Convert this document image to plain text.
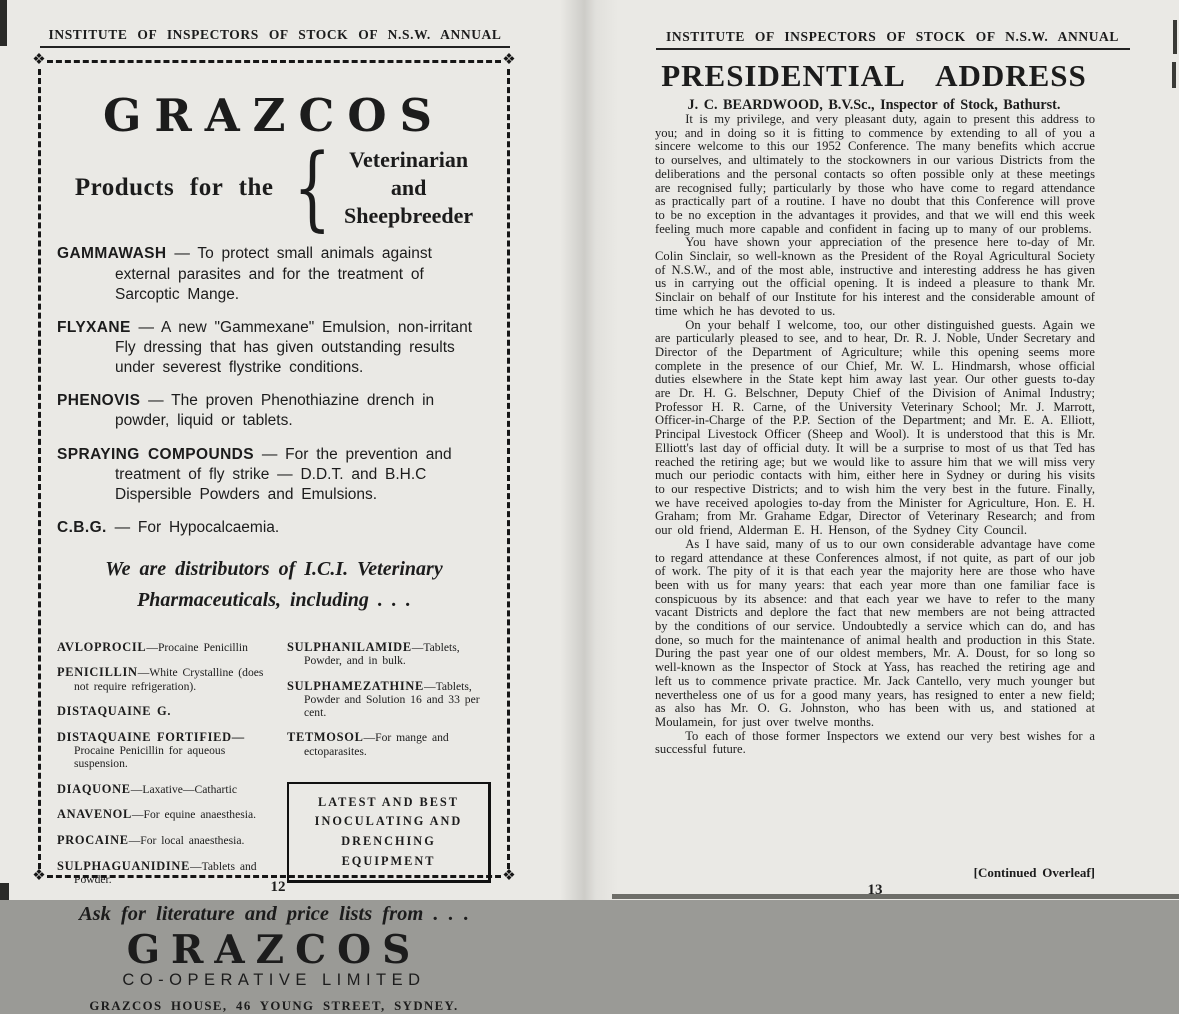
INSTITUTE OF INSPECTORS OF STOCK OF N.S.W. ANNUAL
❖	❖
❖	❖
GRAZCOS
Products for the { Veterinarian
and
Sheepbreeder

GAMMAWASH — To protect small animals against external parasites and for the treatment of Sarcoptic Mange.

FLYXANE — A new "Gammexane" Emulsion, non-irritant Fly dressing that has given outstanding results under severest flystrike conditions.

PHENOVIS — The proven Phenothiazine drench in powder, liquid or tablets.

SPRAYING COMPOUNDS — For the prevention and treatment of fly strike — D.D.T. and B.H.C Dispersible Powders and Emulsions.

C.B.G. — For Hypocalcaemia.

We are distributors of I.C.I. Veterinary
Pharmaceuticals, including . . .

AVLOPROCIL—Procaine Penicillin

PENICILLIN—White Crystalline (does not require refrigeration).

DISTAQUAINE G.

DISTAQUAINE FORTIFIED— Procaine Penicillin for aqueous suspension.

DIAQUONE—Laxative—Cathartic

ANAVENOL—For equine anaesthesia.

PROCAINE—For local anaesthesia.

SULPHAGUANIDINE—Tablets and Powder.

SULPHANILAMIDE—Tablets, Powder, and in bulk.

SULPHAMEZATHINE—Tablets, Powder and Solution 16 and 33 per cent.

TETMOSOL—For mange and ectoparasites.

LATEST AND BEST
INOCULATING AND
DRENCHING EQUIPMENT
Ask for literature and price lists from . . .
GRAZCOS
CO-OPERATIVE LIMITED
GRAZCOS HOUSE, 46 YOUNG STREET, SYDNEY.
12
INSTITUTE OF INSPECTORS OF STOCK OF N.S.W. ANNUAL
PRESIDENTIAL ADDRESS
J. C. BEARDWOOD, B.V.Sc., Inspector of Stock, Bathurst.

It is my privilege, and very pleasant duty, again to present this address to you; and in doing so it is fitting to commence by extending to all of you a sincere welcome to this our 1952 Conference. The many benefits which accrue to ourselves, and ultimately to the stockowners in our various Districts from the deliberations and the personal contacts so often possible only at these meetings are recognised fully; particularly by those who have come to regard attendance as practically part of a routine. I have no doubt that this Conference will prove to be no exception in the advantages it provides, and that we will end this week feeling much more capable and confident in facing up to many of our problems.

You have shown your appreciation of the presence here to-day of Mr. Colin Sinclair, so well-known as the President of the Royal Agricultural Society of N.S.W., and of the most able, instructive and interesting address he has given us in carrying out the official opening. It is indeed a pleasure to thank Mr. Sinclair on behalf of our Institute for his interest and the considerable amount of time which he has devoted to us.

On your behalf I welcome, too, our other distinguished guests. Again we are particularly pleased to see, and to hear, Dr. R. J. Noble, Under Secretary and Director of the Department of Agriculture; while this opening seems more complete in the presence of our Chief, Mr. W. L. Hindmarsh, whose official duties elsewhere in the State kept him away last year. Our other guests to-day are Dr. H. G. Belschner, Deputy Chief of the Division of Animal Industry; Professor H. R. Carne, of the University Veterinary School; Mr. J. Marrott, Officer-in-Charge of the P.P. Section of the Department; and Mr. E. A. Elliott, Principal Livestock Officer (Sheep and Wool). It is understood that this is Mr. Elliott's last day of official duty. It will be a surprise to most of us that Ted has reached the retiring age; but we would like to assure him that we will miss very much our periodic contacts with him, either here in Sydney or during his visits to our respective Districts; and to wish him the very best in the future. Finally, we have received apologies to-day from the Minister for Agriculture, Hon. E. H. Graham; from Mr. Grahame Edgar, Director of Veterinary Research; and from our old friend, Alderman E. H. Henson, of the Sydney City Council.

As I have said, many of us to our own considerable advantage have come to regard attendance at these Conferences almost, if not quite, as part of our job of work. The pity of it is that each year the majority here are those who have been with us for many years: that each year more than one familiar face is conspicuous by its absence: and that each year we have to refer to the many vacant Districts and deplore the fact that new members are not being attracted by the conditions of our service. Undoubtedly a service which can do, and has done, so much for the maintenance of animal health and production in this State. During the past year one of our oldest members, Mr. A. Doust, for so long so well-known as the Inspector of Stock at Yass, has reached the retiring age and left us to commence private practice. Mr. Jack Cantello, very much younger but nevertheless one of us for a good many years, has resigned to enter a new field; as also has Mr. O. G. Johnston, who has been with us, and stationed at Moulamein, for just over twelve months.

To each of those former Inspectors we extend our very best wishes for a successful future.

[Continued Overleaf]
13
